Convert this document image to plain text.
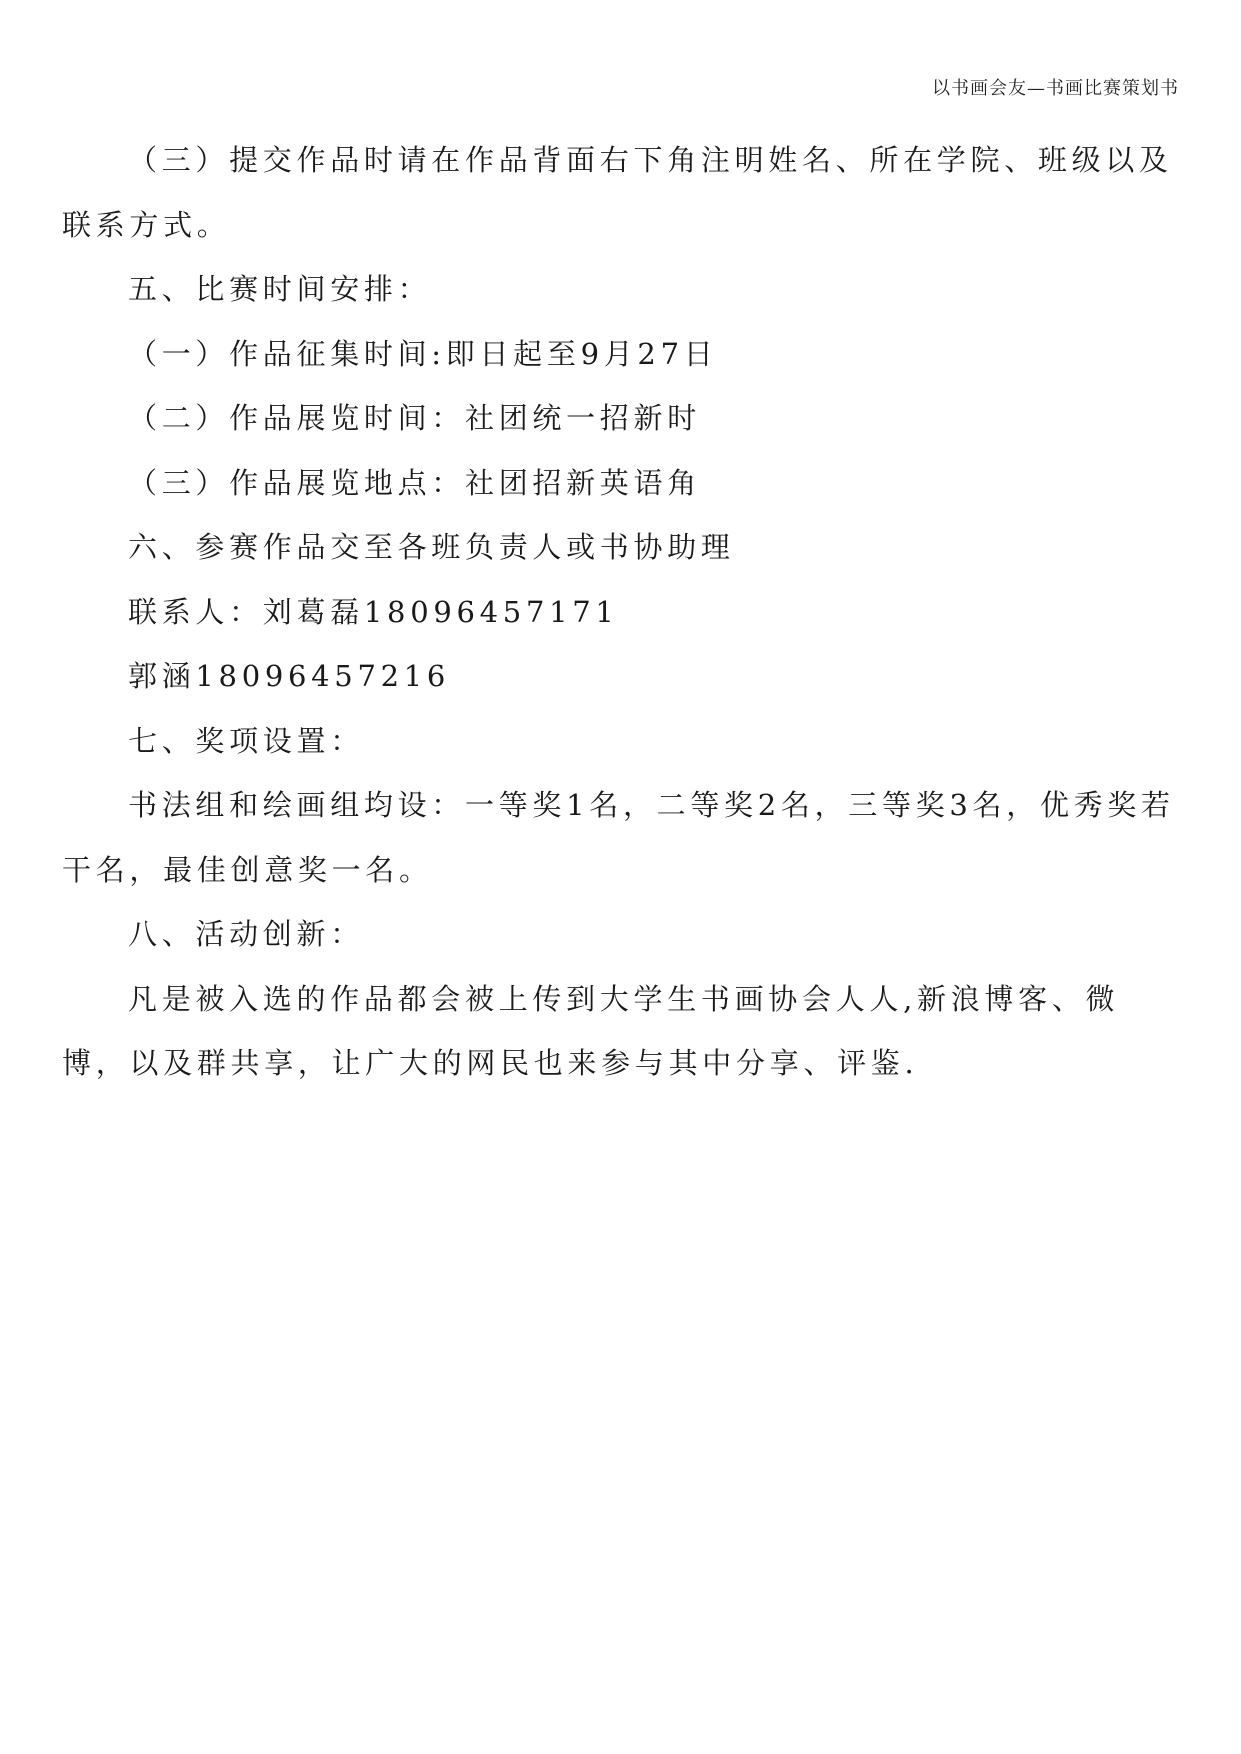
以书画会友—书画比赛策划书

（三）提交作品时请在作品背面右下角注明姓名、所在学院、班级以及联系方式。

五、比赛时间安排：

（一）作品征集时间:即日起至9月27日

（二）作品展览时间：社团统一招新时

（三）作品展览地点：社团招新英语角

六、参赛作品交至各班负责人或书协助理

联系人：刘葛磊18096457171

郭涵18096457216

七、奖项设置：

书法组和绘画组均设：一等奖1名，二等奖2名，三等奖3名，优秀奖若干名，最佳创意奖一名。

八、活动创新：

凡是被入选的作品都会被上传到大学生书画协会人人,新浪博客、微博，以及群共享，让广大的网民也来参与其中分享、评鉴.
